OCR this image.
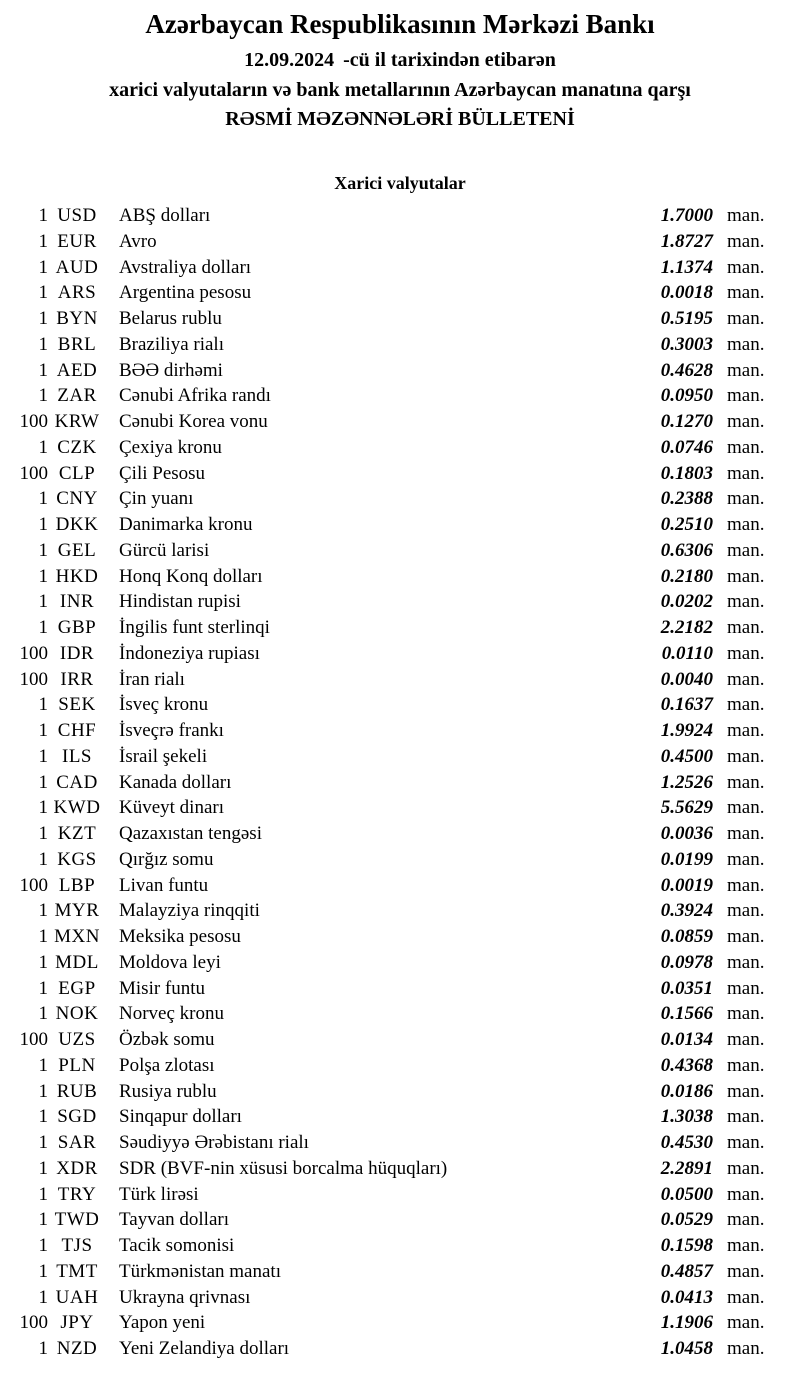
Azərbaycan Respublikasının Mərkəzi Bankı
12.09.2024 -cü il tarixindən etibarən
xarici valyutaların və bank metallarının Azərbaycan manatına qarşı
RƏSMİ MƏZƏNNƏLƏRİ BÜLLETENİ
Xarici valyutalar
1 USD	ABŞ dolları	1.7000 man.
1 EUR	Avro	1.8727 man.
1 AUD	Avstraliya dolları	1.1374 man.
1 ARS	Argentina pesosu	0.0018 man.
1 BYN	Belarus rublu	0.5195 man.
1 BRL	Braziliya rialı	0.3003 man.
1 AED	BƏƏ dirhəmi	0.4628 man.
1 ZAR	Cənubi Afrika randı	0.0950 man.
100 KRW	Cənubi Korea vonu	0.1270 man.
1 CZK	Çexiya kronu	0.0746 man.
100 CLP	Çili Pesosu	0.1803 man.
1 CNY	Çin yuanı	0.2388 man.
1 DKK	Danimarka kronu	0.2510 man.
1 GEL	Gürcü larisi	0.6306 man.
1 HKD	Honq Konq dolları	0.2180 man.
1 INR	Hindistan rupisi	0.0202 man.
1 GBP	İngilis funt sterlinqi	2.2182 man.
100 IDR	İndoneziya rupiası	0.0110 man.
100 IRR	İran rialı	0.0040 man.
1 SEK	İsveç kronu	0.1637 man.
1 CHF	İsveçrə frankı	1.9924 man.
1 ILS	İsrail şekeli	0.4500 man.
1 CAD	Kanada dolları	1.2526 man.
1 KWD Küveyt dinarı	5.5629 man.
1 KZT	Qazaxıstan tengəsi	0.0036 man.
1 KGS	Qırğız somu	0.0199 man.
100 LBP	Livan funtu	0.0019 man.
1 MYR	Malayziya rinqqiti	0.3924 man.
1 MXN	Meksika pesosu	0.0859 man.
1 MDL	Moldova leyi	0.0978 man.
1 EGP	Misir funtu	0.0351 man.
1 NOK	Norveç kronu	0.1566 man.
100 UZS	Özbək somu	0.0134 man.
1 PLN	Polşa zlotası	0.4368 man.
1 RUB	Rusiya rublu	0.0186 man.
1 SGD	Sinqapur dolları	1.3038 man.
1 SAR	Səudiyyə Ərəbistanı rialı	0.4530 man.
1 XDR	SDR (BVF-nin xüsusi borcalma hüquqları)	2.2891 man.
1 TRY	Türk lirəsi	0.0500 man.
1 TWD	Tayvan dolları	0.0529 man.
1 TJS	Tacik somonisi	0.1598 man.
1 TMT	Türkmənistan manatı	0.4857 man.
1 UAH	Ukrayna qrivnası	0.0413 man.
100 JPY	Yapon yeni	1.1906 man.
1 NZD	Yeni Zelandiya dolları	1.0458 man.
